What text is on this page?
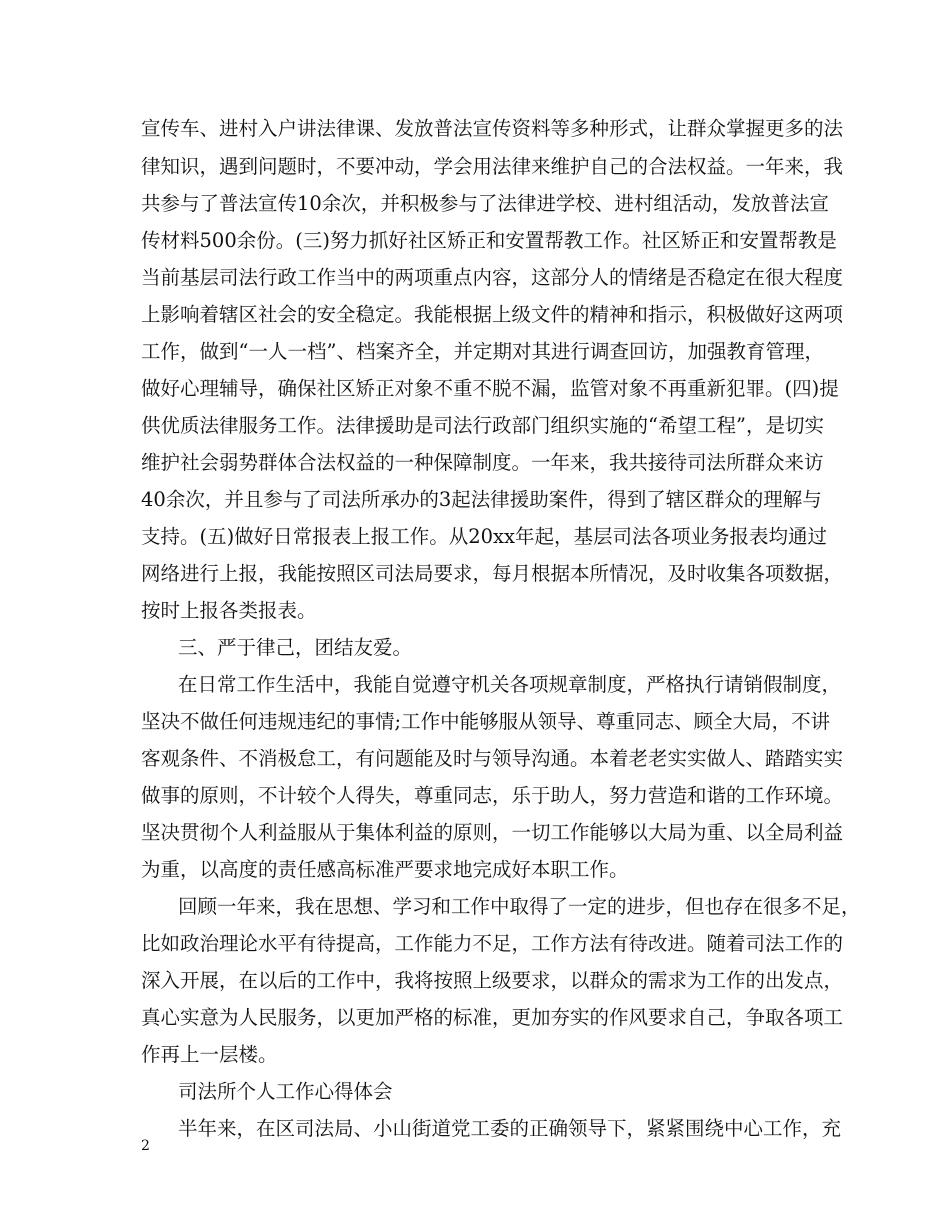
宣传车、进村入户讲法律课、发放普法宣传资料等多种形式，让群众掌握更多的法
律知识，遇到问题时，不要冲动，学会用法律来维护自己的合法权益。一年来，我
共参与了普法宣传10余次，并积极参与了法律进学校、进村组活动，发放普法宣
传材料500余份。(三)努力抓好社区矫正和安置帮教工作。社区矫正和安置帮教是
当前基层司法行政工作当中的两项重点内容，这部分人的情绪是否稳定在很大程度
上影响着辖区社会的安全稳定。我能根据上级文件的精神和指示，积极做好这两项
工作，做到“一人一档”、档案齐全，并定期对其进行调查回访，加强教育管理，
做好心理辅导，确保社区矫正对象不重不脱不漏，监管对象不再重新犯罪。(四)提
供优质法律服务工作。法律援助是司法行政部门组织实施的“希望工程”，是切实
维护社会弱势群体合法权益的一种保障制度。一年来，我共接待司法所群众来访
40余次，并且参与了司法所承办的3起法律援助案件，得到了辖区群众的理解与
支持。(五)做好日常报表上报工作。从20xx年起，基层司法各项业务报表均通过
网络进行上报，我能按照区司法局要求，每月根据本所情况，及时收集各项数据，
按时上报各类报表。
三、严于律己，团结友爱。
在日常工作生活中，我能自觉遵守机关各项规章制度，严格执行请销假制度，
坚决不做任何违规违纪的事情;工作中能够服从领导、尊重同志、顾全大局，不讲
客观条件、不消极怠工，有问题能及时与领导沟通。本着老老实实做人、踏踏实实
做事的原则，不计较个人得失，尊重同志，乐于助人，努力营造和谐的工作环境。
坚决贯彻个人利益服从于集体利益的原则，一切工作能够以大局为重、以全局利益
为重，以高度的责任感高标准严要求地完成好本职工作。
回顾一年来，我在思想、学习和工作中取得了一定的进步，但也存在很多不足，
比如政治理论水平有待提高，工作能力不足，工作方法有待改进。随着司法工作的
深入开展，在以后的工作中，我将按照上级要求，以群众的需求为工作的出发点，
真心实意为人民服务，以更加严格的标准，更加夯实的作风要求自己，争取各项工
作再上一层楼。
司法所个人工作心得体会
半年来，在区司法局、小山街道党工委的正确领导下，紧紧围绕中心工作，充
2
